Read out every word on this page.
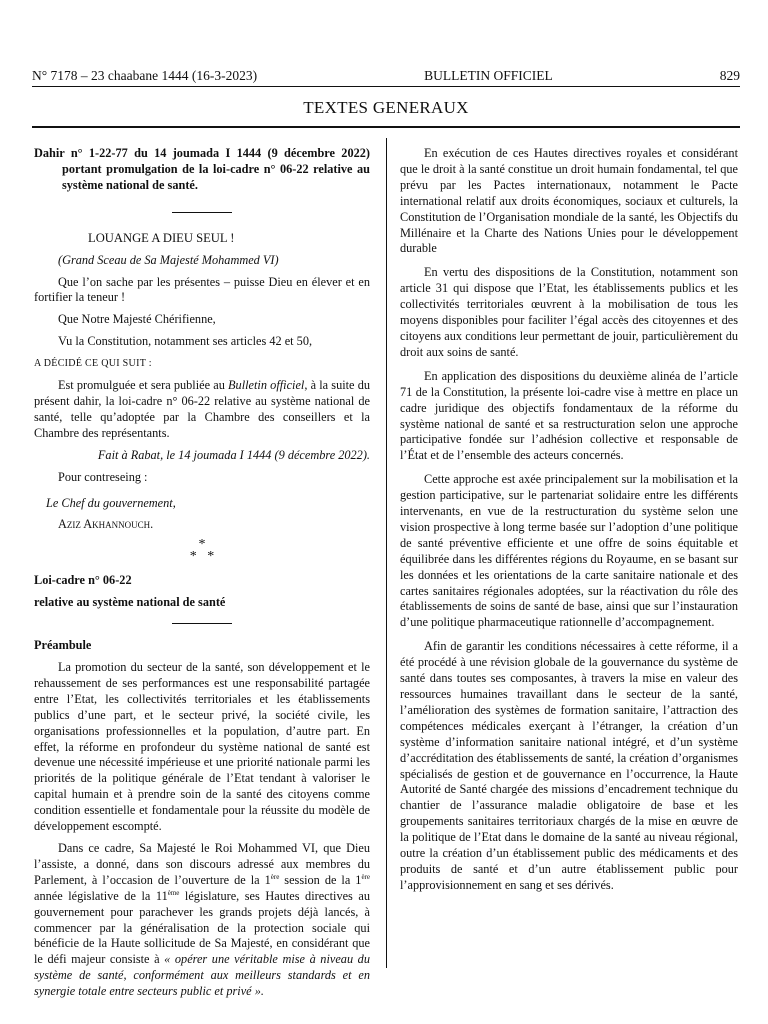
N° 7178 – 23 chaabane 1444 (16-3-2023)	BULLETIN OFFICIEL	829
TEXTES GENERAUX

Dahir n° 1-22-77 du 14 joumada I 1444 (9 décembre 2022) portant promulgation de la loi-cadre n° 06-22 relative au système national de santé.

LOUANGE A DIEU SEUL !

(Grand Sceau de Sa Majesté Mohammed VI)

Que l’on sache par les présentes – puisse Dieu en élever et en fortifier la teneur !

Que Notre Majesté Chérifienne,

Vu la Constitution, notamment ses articles 42 et 50,

A DÉCIDÉ CE QUI SUIT :

Est promulguée et sera publiée au Bulletin officiel, à la suite du présent dahir, la loi-cadre n° 06-22 relative au système national de santé, telle qu’adoptée par la Chambre des conseillers et la Chambre des représentants.

Fait à Rabat, le 14 joumada I 1444 (9 décembre 2022).

Pour contreseing :

Le Chef du gouvernement,

Aziz Akhannouch.

*
*   *

Loi-cadre n° 06-22

relative au système national de santé

Préambule

La promotion du secteur de la santé, son développement et le rehaussement de ses performances est une responsabilité partagée entre l’Etat, les collectivités territoriales et les établissements publics d’une part, et le secteur privé, la société civile, les organisations professionnelles et la population, d’autre part. En effet, la réforme en profondeur du système national de santé est devenue une nécessité impérieuse et une priorité nationale parmi les priorités de la politique générale de l’Etat tendant à valoriser le capital humain et à prendre soin de la santé des citoyens comme condition essentielle et fondamentale pour la réussite du modèle de développement escompté.

Dans ce cadre, Sa Majesté le Roi Mohammed VI, que Dieu l’assiste, a donné, dans son discours adressé aux membres du Parlement, à l’occasion de l’ouverture de la 1ère session de la 1ère année législative de la 11ème législature, ses Hautes directives au gouvernement pour parachever les grands projets déjà lancés, à commencer par la généralisation de la protection sociale qui bénéficie de la Haute sollicitude de Sa Majesté, en considérant que le défi majeur consiste à « opérer une véritable mise à niveau du système de santé, conformément aux meilleurs standards et en synergie totale entre secteurs public et privé ».

En exécution de ces Hautes directives royales et considérant que le droit à la santé constitue un droit humain fondamental, tel que prévu par les Pactes internationaux, notamment le Pacte international relatif aux droits économiques, sociaux et culturels, la Constitution de l’Organisation mondiale de la santé, les Objectifs du Millénaire et la Charte des Nations Unies pour le développement durable

En vertu des dispositions de la Constitution, notamment son article 31 qui dispose que l’Etat, les établissements publics et les collectivités territoriales œuvrent à la mobilisation de tous les moyens disponibles pour faciliter l’égal accès des citoyennes et des citoyens aux conditions leur permettant de jouir, particulièrement du droit aux soins de santé.

En application des dispositions du deuxième alinéa de l’article 71 de la Constitution, la présente loi-cadre vise à mettre en place un cadre juridique des objectifs fondamentaux de la réforme du système national de santé et sa restructuration selon une approche participative fondée sur l’adhésion collective et responsable de l’État et de l’ensemble des acteurs concernés.

Cette approche est axée principalement sur la mobilisation et la gestion participative, sur le partenariat solidaire entre les différents intervenants, en vue de la restructuration du système selon une vision prospective à long terme basée sur l’adoption d’une politique de santé préventive efficiente et une offre de soins équitable et équilibrée dans les différentes régions du Royaume, en se basant sur les données et les orientations de la carte sanitaire nationale et des cartes sanitaires régionales adoptées, sur la réactivation du rôle des établissements de soins de santé de base, ainsi que sur l’instauration d’une politique pharmaceutique rationnelle d’accompagnement.

Afin de garantir les conditions nécessaires à cette réforme, il a été procédé à une révision globale de la gouvernance du système de santé dans toutes ses composantes, à travers la mise en valeur des ressources humaines travaillant dans le secteur de la santé, l’amélioration des systèmes de formation sanitaire, l’attraction des compétences médicales exerçant à l’étranger, la création d’un système d’information sanitaire national intégré, et d’un système d’accréditation des établissements de santé, la création d’organismes spécialisés de gestion et de gouvernance en l’occurrence, la Haute Autorité de Santé chargée des missions d’encadrement technique du chantier de l’assurance maladie obligatoire de base et les groupements sanitaires territoriaux chargés de la mise en œuvre de la politique de l’Etat dans le domaine de la santé au niveau régional, outre la création d’un établissement public des médicaments et des produits de santé et d’un autre établissement public pour l’approvisionnement en sang et ses dérivés.
